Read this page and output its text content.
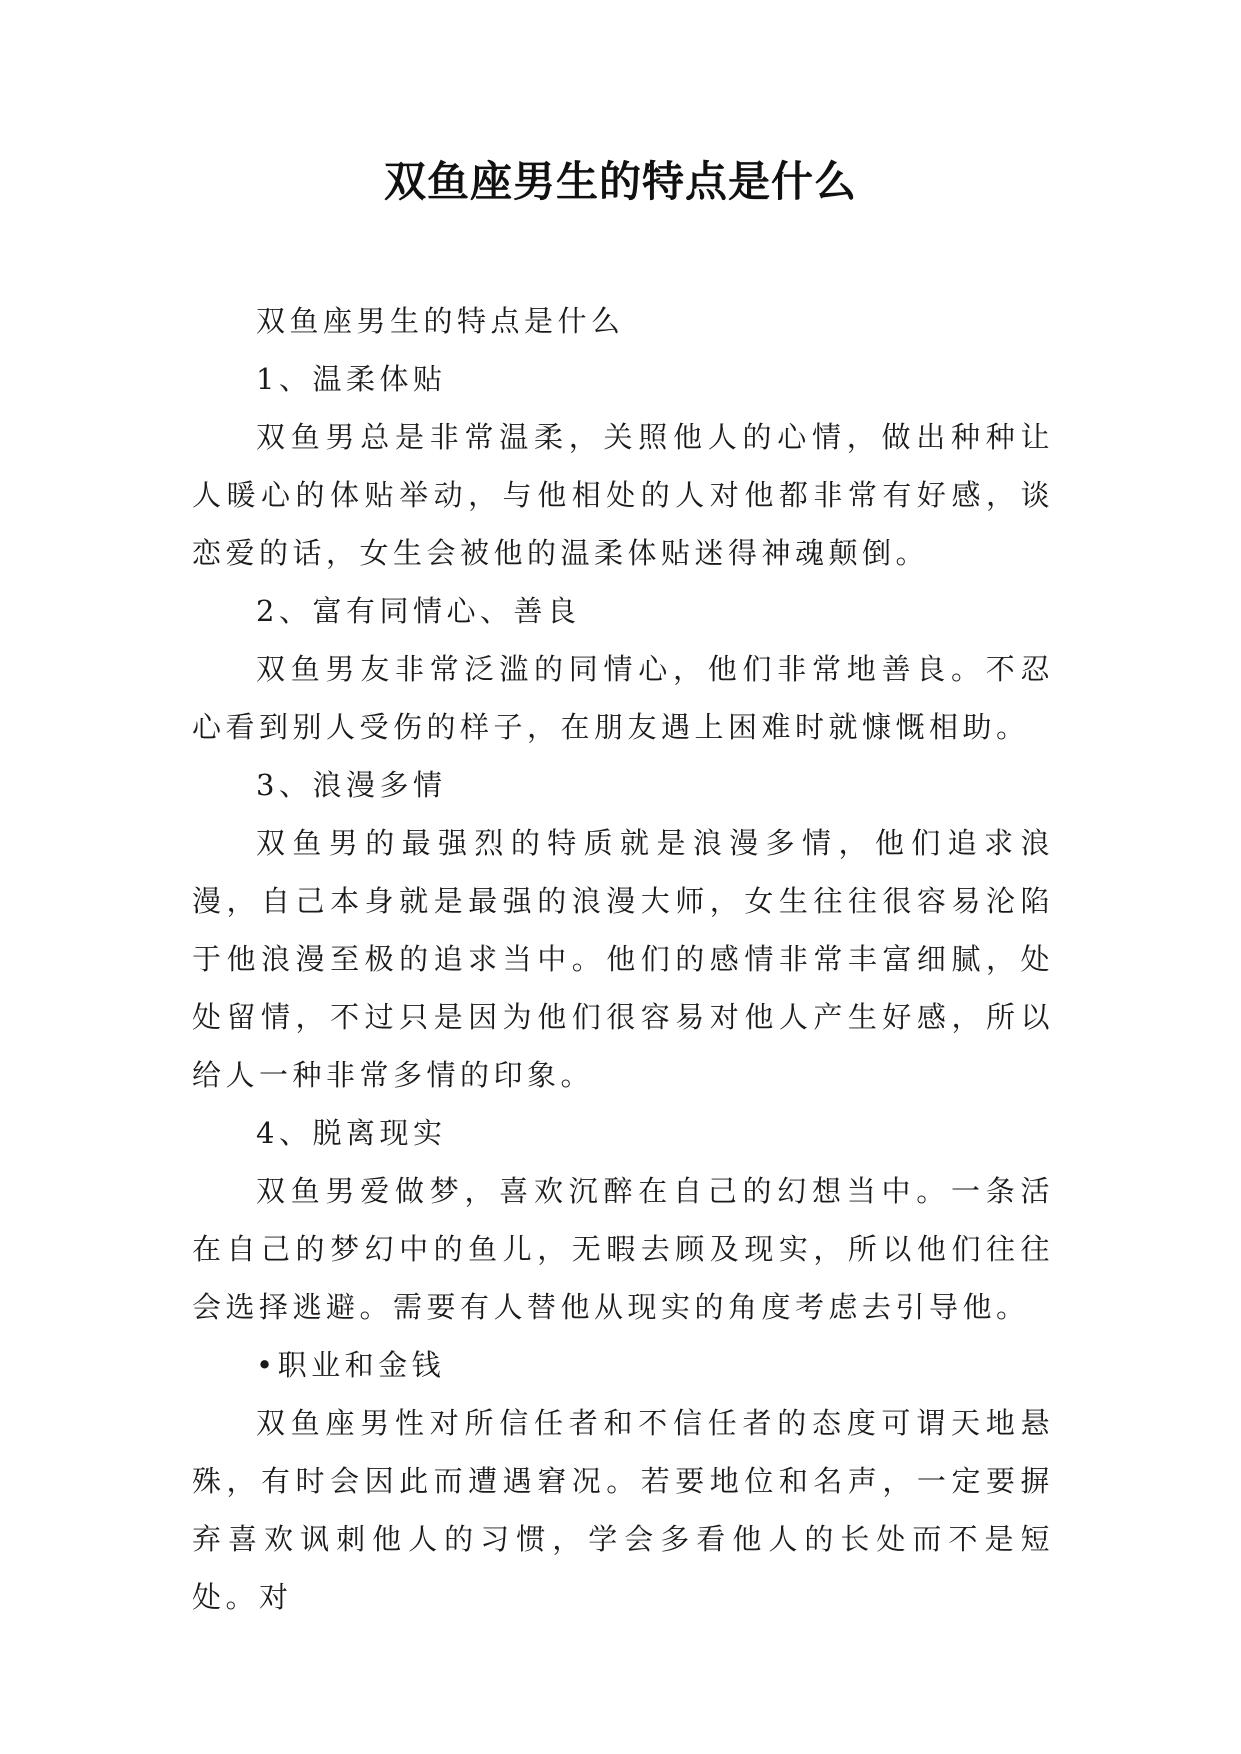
双鱼座男生的特点是什么

双鱼座男生的特点是什么

1、温柔体贴

双鱼男总是非常温柔，关照他人的心情，做出种种让人暖心的体贴举动，与他相处的人对他都非常有好感，谈恋爱的话，女生会被他的温柔体贴迷得神魂颠倒。

2、富有同情心、善良

双鱼男友非常泛滥的同情心，他们非常地善良。不忍心看到别人受伤的样子，在朋友遇上困难时就慷慨相助。

3、浪漫多情

双鱼男的最强烈的特质就是浪漫多情，他们追求浪漫，自己本身就是最强的浪漫大师，女生往往很容易沦陷于他浪漫至极的追求当中。他们的感情非常丰富细腻，处处留情，不过只是因为他们很容易对他人产生好感，所以给人一种非常多情的印象。

4、脱离现实

双鱼男爱做梦，喜欢沉醉在自己的幻想当中。一条活在自己的梦幻中的鱼儿，无暇去顾及现实，所以他们往往会选择逃避。需要有人替他从现实的角度考虑去引导他。

•职业和金钱

双鱼座男性对所信任者和不信任者的态度可谓天地悬殊，有时会因此而遭遇窘况。若要地位和名声，一定要摒弃喜欢讽刺他人的习惯，学会多看他人的长处而不是短处。对
